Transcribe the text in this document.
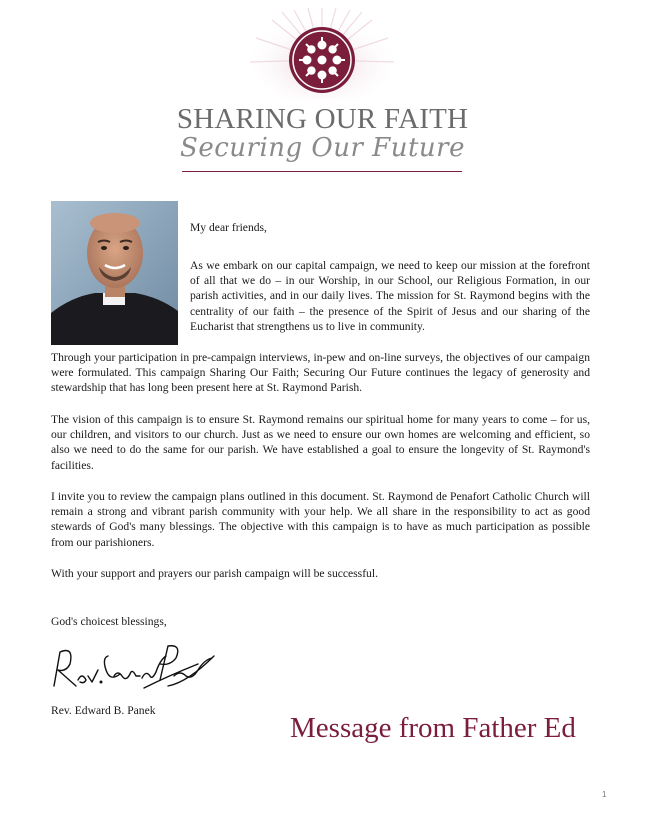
SHARING OUR FAITH
Securing Our Future
My dear friends,
As we embark on our capital campaign, we need to keep our mission at the forefront of all that we do – in our Worship, in our School, our Religious Formation, in our parish activities, and in our daily lives. The mission for St. Raymond begins with the centrality of our faith – the presence of the Spirit of Jesus and our sharing of the Eucharist that strengthens us to live in community.
Through your participation in pre-campaign interviews, in-pew and on-line surveys, the objectives of our campaign were formulated. This campaign Sharing Our Faith; Securing Our Future continues the legacy of generosity and stewardship that has long been present here at St. Raymond Parish.
The vision of this campaign is to ensure St. Raymond remains our spiritual home for many years to come – for us, our children, and visitors to our church. Just as we need to ensure our own homes are welcoming and efficient, so also we need to do the same for our parish. We have established a goal to ensure the longevity of St. Raymond's facilities.
I invite you to review the campaign plans outlined in this document. St. Raymond de Penafort Catholic Church will remain a strong and vibrant parish community with your help. We all share in the responsibility to act as good stewards of God's many blessings. The objective with this campaign is to have as much participation as possible from our parishioners.
With your support and prayers our parish campaign will be successful.
God's choicest blessings,
Rev. Edward B. Panek
Message from Father Ed
1
